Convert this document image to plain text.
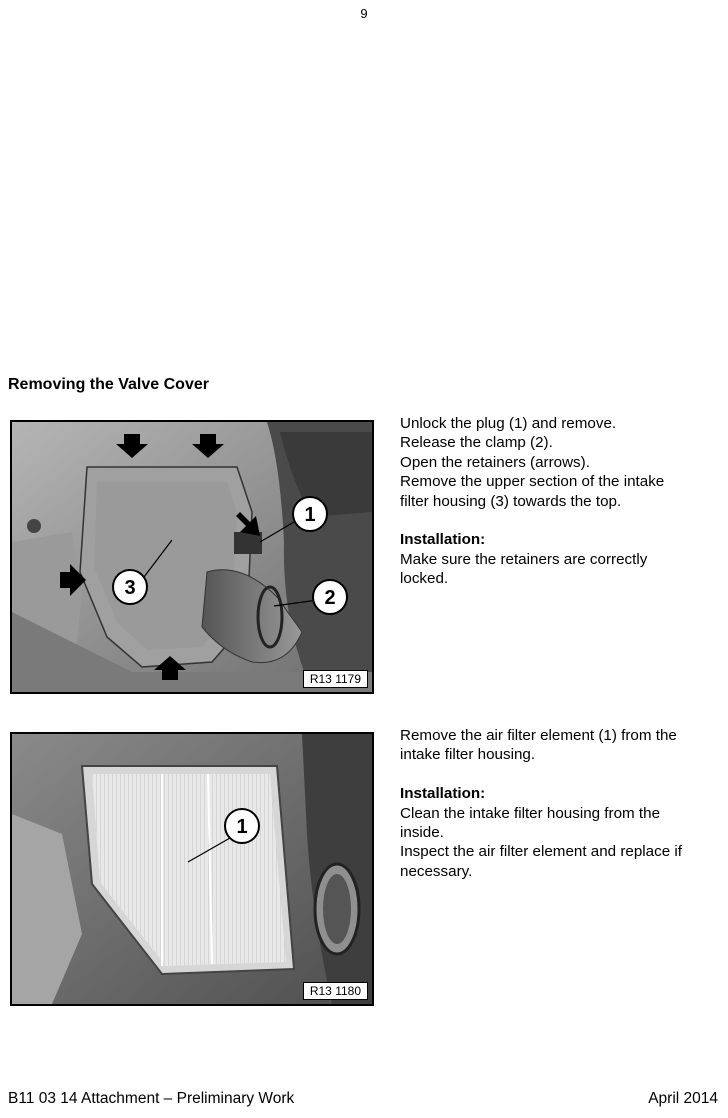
9
Removing the Valve Cover
1
2
3
R13 1179
Unlock the plug (1) and remove.
Release the clamp (2).
Open the retainers (arrows).
Remove the upper section of the intake
filter housing (3) towards the top.
Installation:
Make sure the retainers are correctly
locked.
1
R13 1180
Remove the air filter element (1) from the
intake filter housing.
Installation:
Clean the intake filter housing from the
inside.
Inspect the air filter element and replace if
necessary.
B11 03 14 Attachment – Preliminary Work	April 2014
